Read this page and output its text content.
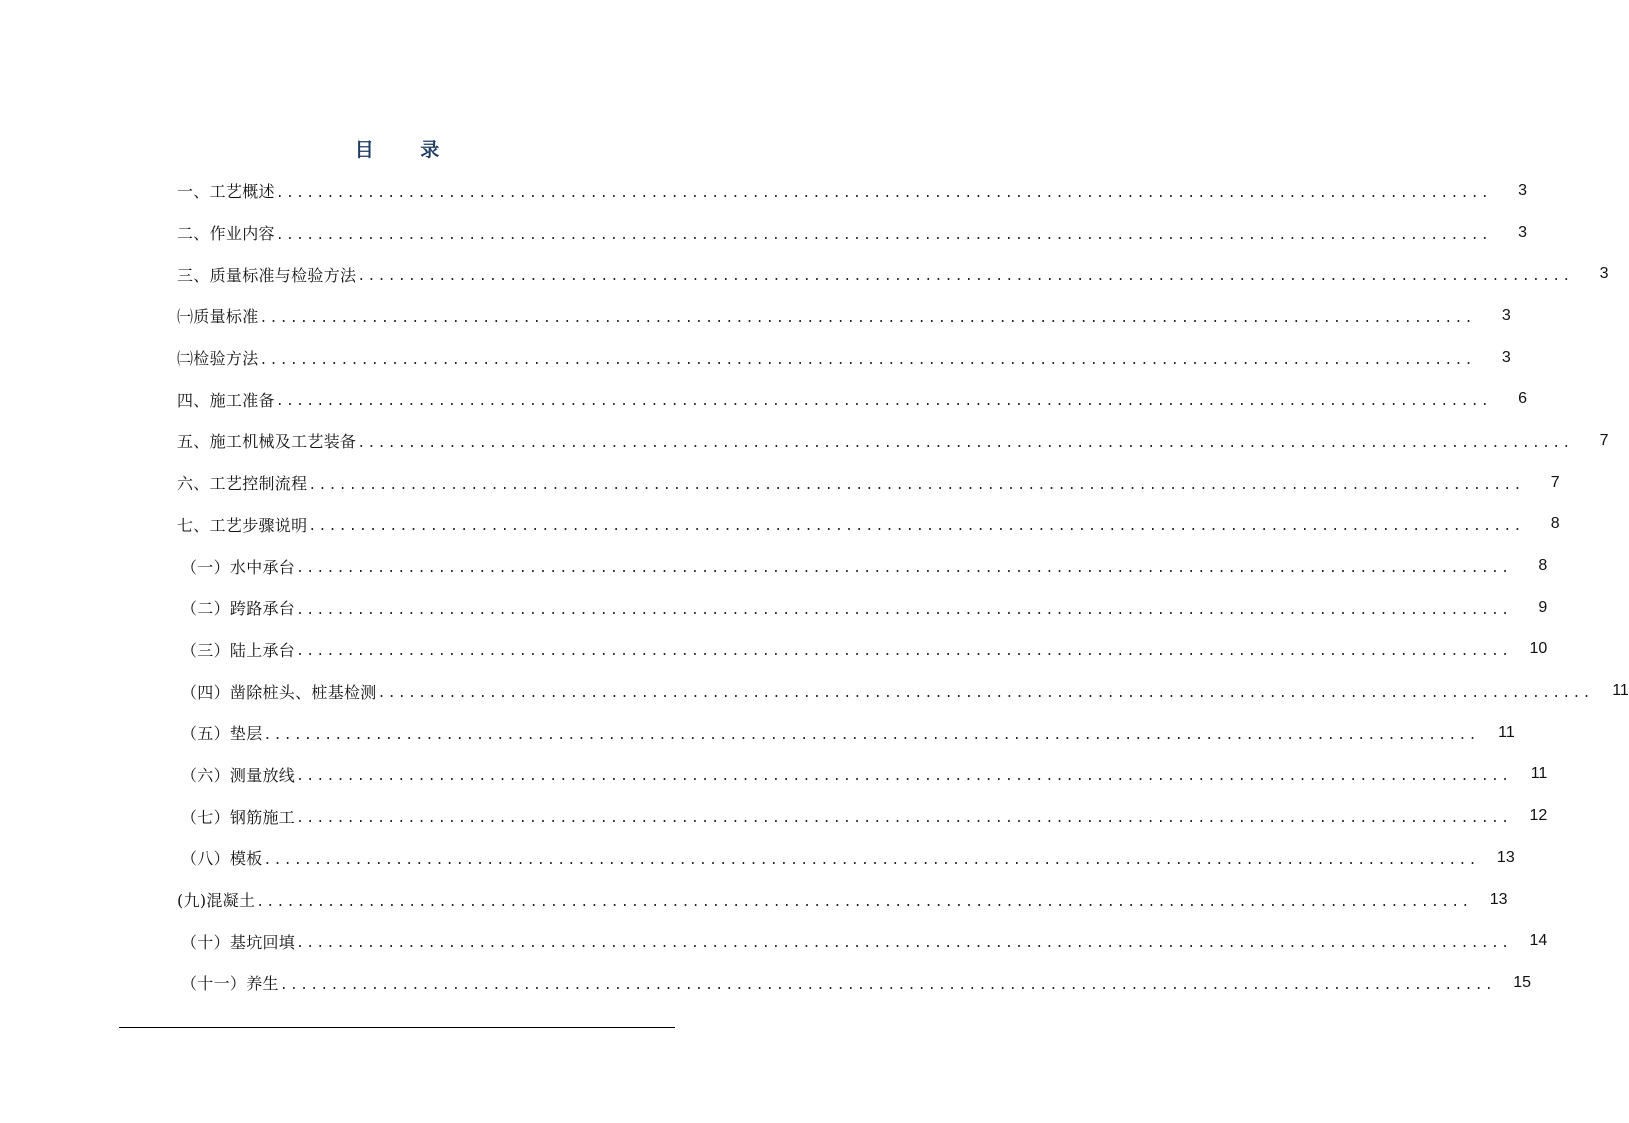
目 录
一、工艺概述 ........................................................................................................................	3
二、作业内容 ........................................................................................................................	3
三、质量标准与检验方法 ........................................................................................................................	3
㈠质量标准 ........................................................................................................................	3
㈡检验方法 ........................................................................................................................	3
四、施工准备 ........................................................................................................................	6
五、施工机械及工艺装备 ........................................................................................................................	7
六、工艺控制流程 ........................................................................................................................	7
七、工艺步骤说明 ........................................................................................................................	8
（一）水中承台 ........................................................................................................................	8
（二）跨路承台 ........................................................................................................................	9
（三）陆上承台 ........................................................................................................................	10
（四）凿除桩头、桩基检测 ........................................................................................................................	11
（五）垫层 ........................................................................................................................	11
（六）测量放线 ........................................................................................................................	11
（七）钢筋施工 ........................................................................................................................	12
（八）模板 ........................................................................................................................	13
(九)混凝土 ........................................................................................................................	13
（十）基坑回填 ........................................................................................................................	14
（十一）养生 ........................................................................................................................	15
